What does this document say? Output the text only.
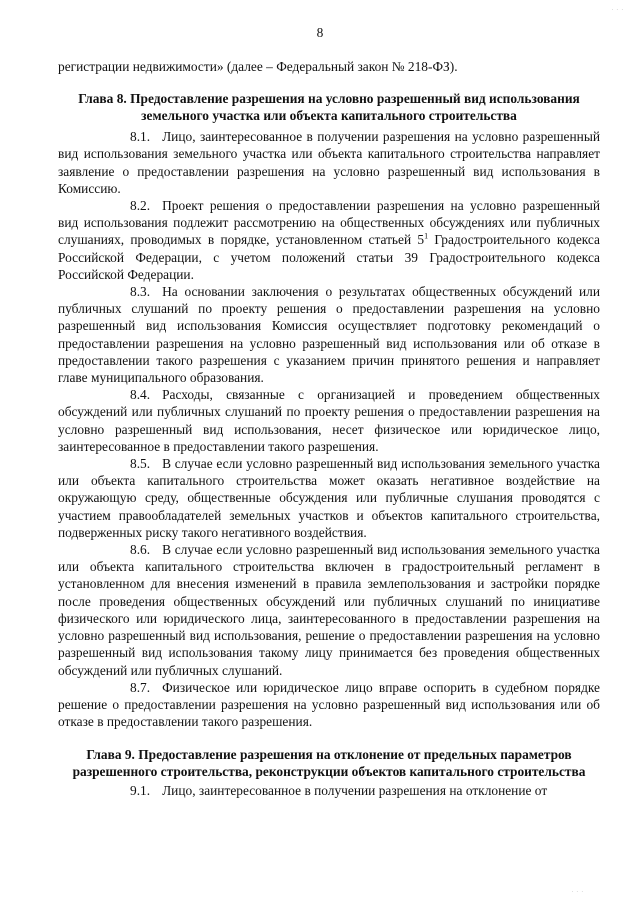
· · ·
8

регистрации недвижимости» (далее – Федеральный закон № 218-ФЗ).

Глава 8. Предоставление разрешения на условно разрешенный вид использования земельного участка или объекта капитального строительства

8.1. Лицо, заинтересованное в получении разрешения на условно разрешенный вид использования земельного участка или объекта капитального строительства направляет заявление о предоставлении разрешения на условно разрешенный вид использования в Комиссию.

8.2. Проект решения о предоставлении разрешения на условно разрешенный вид использования подлежит рассмотрению на общественных обсуждениях или публичных слушаниях, проводимых в порядке, установленном статьей $5^1$ Градостроительного кодекса Российской Федерации, с учетом положений статьи 39 Градостроительного кодекса Российской Федерации.

8.3. На основании заключения о результатах общественных обсуждений или публичных слушаний по проекту решения о предоставлении разрешения на условно разрешенный вид использования Комиссия осуществляет подготовку рекомендаций о предоставлении разрешения на условно разрешенный вид использования или об отказе в предоставлении такого разрешения с указанием причин принятого решения и направляет главе муниципального образования.

8.4. Расходы, связанные с организацией и проведением общественных обсуждений или публичных слушаний по проекту решения о предоставлении разрешения на условно разрешенный вид использования, несет физическое или юридическое лицо, заинтересованное в предоставлении такого разрешения.

8.5. В случае если условно разрешенный вид использования земельного участка или объекта капитального строительства может оказать негативное воздействие на окружающую среду, общественные обсуждения или публичные слушания проводятся с участием правообладателей земельных участков и объектов капитального строительства, подверженных риску такого негативного воздействия.

8.6. В случае если условно разрешенный вид использования земельного участка или объекта капитального строительства включен в градостроительный регламент в установленном для внесения изменений в правила землепользования и застройки порядке после проведения общественных обсуждений или публичных слушаний по инициативе физического или юридического лица, заинтересованного в предоставлении разрешения на условно разрешенный вид использования, решение о предоставлении разрешения на условно разрешенный вид использования такому лицу принимается без проведения общественных обсуждений или публичных слушаний.

8.7. Физическое или юридическое лицо вправе оспорить в судебном порядке решение о предоставлении разрешения на условно разрешенный вид использования или об отказе в предоставлении такого разрешения.

Глава 9. Предоставление разрешения на отклонение от предельных параметров разрешенного строительства, реконструкции объектов капитального строительства

9.1. Лицо, заинтересованное в получении разрешения на отклонение от

· · ·
